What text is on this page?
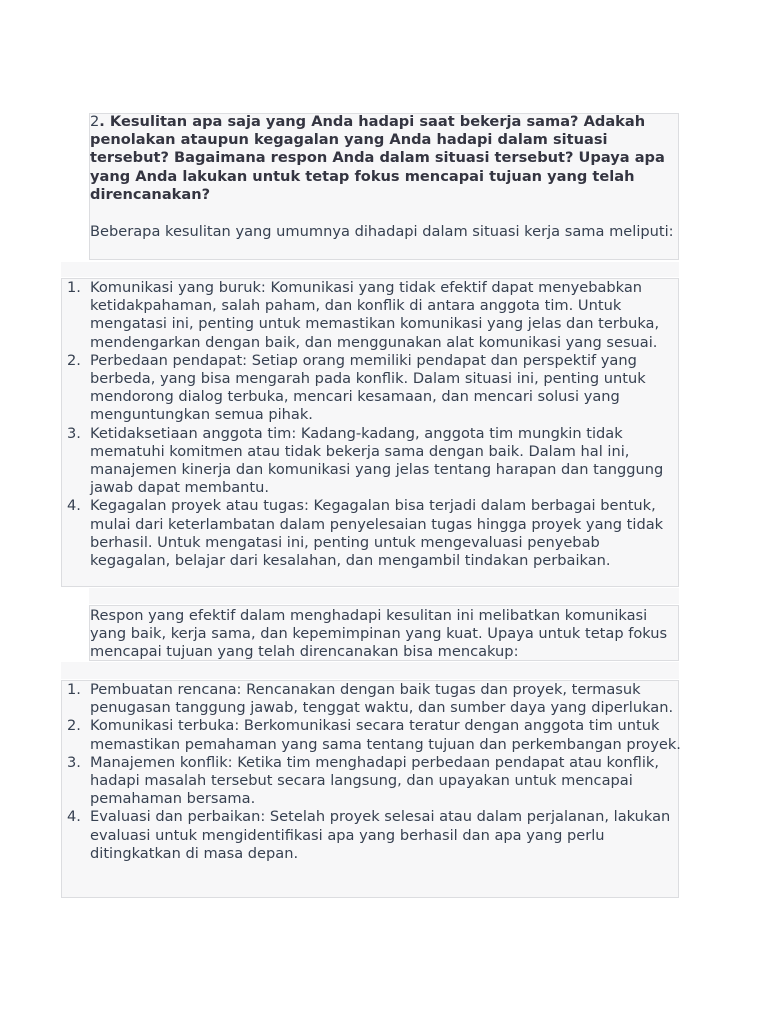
2. Kesulitan apa saja yang Anda hadapi saat bekerja sama? Adakah penolakan ataupun kegagalan yang Anda hadapi dalam situasi tersebut? Bagaimana respon Anda dalam situasi tersebut? Upaya apa yang Anda lakukan untuk tetap fokus mencapai tujuan yang telah direncanakan?

Beberapa kesulitan yang umumnya dihadapi dalam situasi kerja sama meliputi:

1. Komunikasi yang buruk: Komunikasi yang tidak efektif dapat menyebabkan ketidakpahaman, salah paham, dan konflik di antara anggota tim. Untuk mengatasi ini, penting untuk memastikan komunikasi yang jelas dan terbuka, mendengarkan dengan baik, dan menggunakan alat komunikasi yang sesuai.
2. Perbedaan pendapat: Setiap orang memiliki pendapat dan perspektif yang berbeda, yang bisa mengarah pada konflik. Dalam situasi ini, penting untuk mendorong dialog terbuka, mencari kesamaan, dan mencari solusi yang menguntungkan semua pihak.
3. Ketidaksetiaan anggota tim: Kadang-kadang, anggota tim mungkin tidak mematuhi komitmen atau tidak bekerja sama dengan baik. Dalam hal ini, manajemen kinerja dan komunikasi yang jelas tentang harapan dan tanggung jawab dapat membantu.
4. Kegagalan proyek atau tugas: Kegagalan bisa terjadi dalam berbagai bentuk, mulai dari keterlambatan dalam penyelesaian tugas hingga proyek yang tidak berhasil. Untuk mengatasi ini, penting untuk mengevaluasi penyebab kegagalan, belajar dari kesalahan, dan mengambil tindakan perbaikan.

Respon yang efektif dalam menghadapi kesulitan ini melibatkan komunikasi yang baik, kerja sama, dan kepemimpinan yang kuat. Upaya untuk tetap fokus mencapai tujuan yang telah direncanakan bisa mencakup:

1. Pembuatan rencana: Rencanakan dengan baik tugas dan proyek, termasuk penugasan tanggung jawab, tenggat waktu, dan sumber daya yang diperlukan.
2. Komunikasi terbuka: Berkomunikasi secara teratur dengan anggota tim untuk memastikan pemahaman yang sama tentang tujuan dan perkembangan proyek.
3. Manajemen konflik: Ketika tim menghadapi perbedaan pendapat atau konflik, hadapi masalah tersebut secara langsung, dan upayakan untuk mencapai pemahaman bersama.
4. Evaluasi dan perbaikan: Setelah proyek selesai atau dalam perjalanan, lakukan evaluasi untuk mengidentifikasi apa yang berhasil dan apa yang perlu ditingkatkan di masa depan.
